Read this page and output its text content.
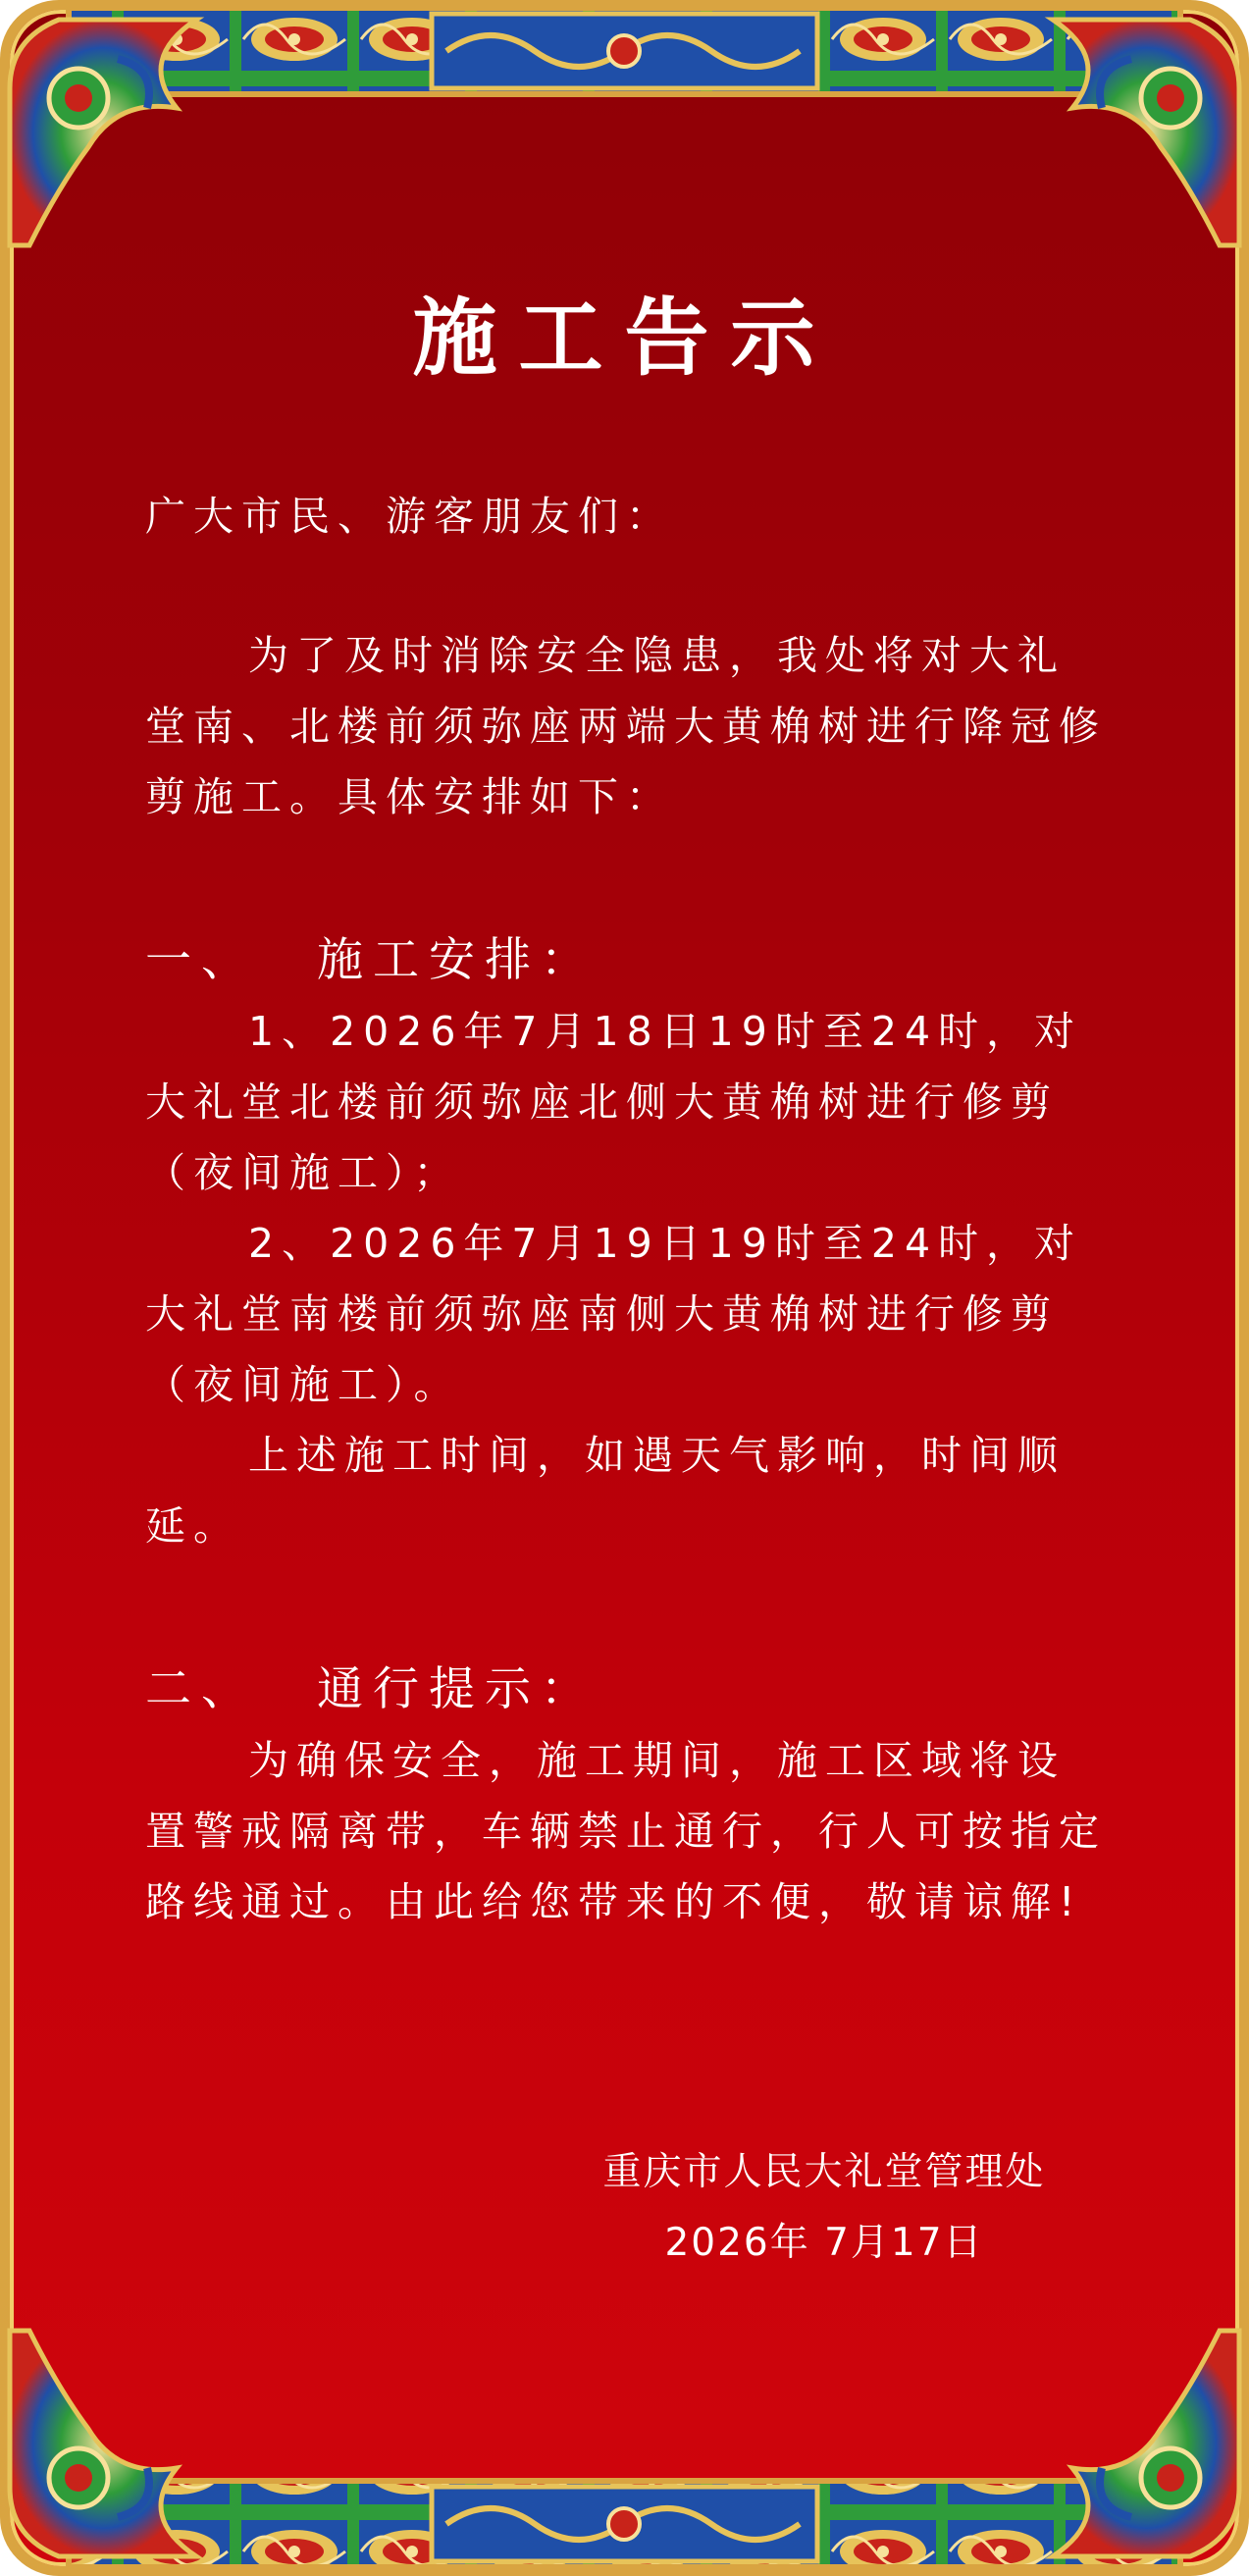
施工告示

广大市民、游客朋友们：

为了及时消除安全隐患，我处将对大礼堂南、北楼前须弥座两端大黄桷树进行降冠修剪施工。具体安排如下：

一、 施工安排：

1、2026年7月18日19时至24时，对大礼堂北楼前须弥座北侧大黄桷树进行修剪（夜间施工）；

2、2026年7月19日19时至24时，对大礼堂南楼前须弥座南侧大黄桷树进行修剪（夜间施工）。

上述施工时间，如遇天气影响，时间顺延。

二、 通行提示：

为确保安全，施工期间，施工区域将设置警戒隔离带，车辆禁止通行，行人可按指定路线通过。由此给您带来的不便，敬请谅解!

重庆市人民大礼堂管理处
2026年 7月17日
